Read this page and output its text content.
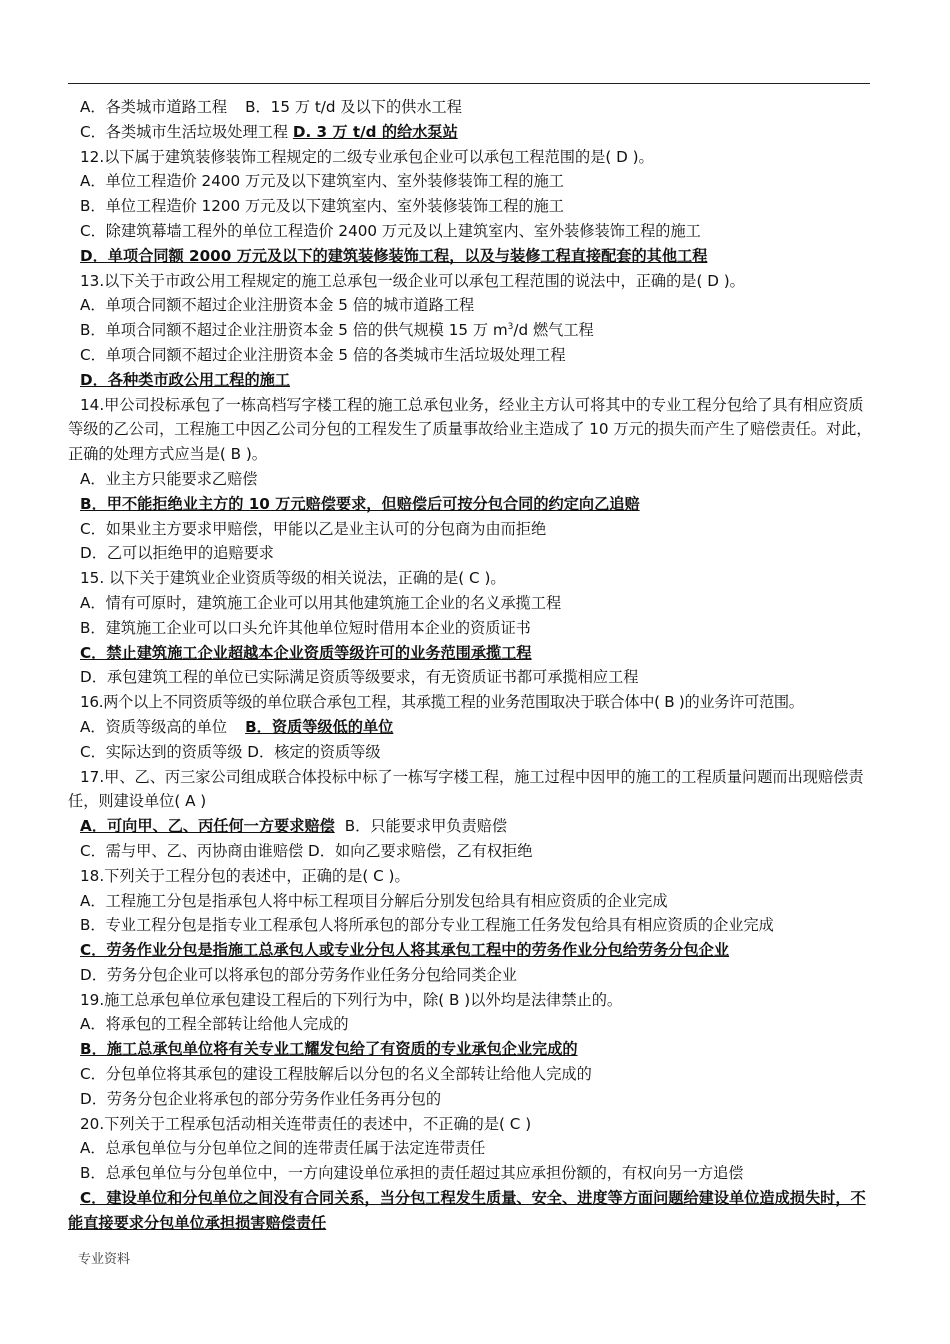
A．各类城市道路工程 B．15 万 t/d 及以下的供水工程
C．各类城市生活垃圾处理工程 D. 3 万 t/d 的给水泵站
12.以下属于建筑装修装饰工程规定的二级专业承包企业可以承包工程范围的是( D )。
A．单位工程造价 2400 万元及以下建筑室内、室外装修装饰工程的施工
B．单位工程造价 1200 万元及以下建筑室内、室外装修装饰工程的施工
C．除建筑幕墙工程外的单位工程造价 2400 万元及以上建筑室内、室外装修装饰工程的施工
D．单项合同额 2000 万元及以下的建筑装修装饰工程，以及与装修工程直接配套的其他工程
13.以下关于市政公用工程规定的施工总承包一级企业可以承包工程范围的说法中，正确的是( D )。
A．单项合同额不超过企业注册资本金 5 倍的城市道路工程
B．单项合同额不超过企业注册资本金 5 倍的供气规模 15 万 $m^3/d$ 燃气工程
C．单项合同额不超过企业注册资本金 5 倍的各类城市生活垃圾处理工程
D．各种类市政公用工程的施工
14.甲公司投标承包了一栋高档写字楼工程的施工总承包业务，经业主方认可将其中的专业工程分包给了具有相应资质等级的乙公司，工程施工中因乙公司分包的工程发生了质量事故给业主造成了 10 万元的损失而产生了赔偿责任。对此，正确的处理方式应当是( B )。
A．业主方只能要求乙赔偿
B．甲不能拒绝业主方的 10 万元赔偿要求，但赔偿后可按分包合同的约定向乙追赔
C．如果业主方要求甲赔偿，甲能以乙是业主认可的分包商为由而拒绝
D．乙可以拒绝甲的追赔要求
15. 以下关于建筑业企业资质等级的相关说法，正确的是( C )。
A．情有可原时，建筑施工企业可以用其他建筑施工企业的名义承揽工程
B．建筑施工企业可以口头允许其他单位短时借用本企业的资质证书
C．禁止建筑施工企业超越本企业资质等级许可的业务范围承揽工程
D．承包建筑工程的单位已实际满足资质等级要求，有无资质证书都可承揽相应工程
16.两个以上不同资质等级的单位联合承包工程，其承揽工程的业务范围取决于联合体中( B )的业务许可范围。
A．资质等级高的单位 B．资质等级低的单位
C．实际达到的资质等级 D．核定的资质等级
17.甲、乙、丙三家公司组成联合体投标中标了一栋写字楼工程，施工过程中因甲的施工的工程质量问题而出现赔偿责任，则建设单位( A )
A．可向甲、乙、丙任何一方要求赔偿 B．只能要求甲负责赔偿
C．需与甲、乙、丙协商由谁赔偿 D．如向乙要求赔偿，乙有权拒绝
18.下列关于工程分包的表述中，正确的是( C )。
A．工程施工分包是指承包人将中标工程项目分解后分别发包给具有相应资质的企业完成
B．专业工程分包是指专业工程承包人将所承包的部分专业工程施工任务发包给具有相应资质的企业完成
C．劳务作业分包是指施工总承包人或专业分包人将其承包工程中的劳务作业分包给劳务分包企业
D．劳务分包企业可以将承包的部分劳务作业任务分包给同类企业
19.施工总承包单位承包建设工程后的下列行为中，除( B )以外均是法律禁止的。
A．将承包的工程全部转让给他人完成的
B．施工总承包单位将有关专业工耀发包给了有资质的专业承包企业完成的
C．分包单位将其承包的建设工程肢解后以分包的名义全部转让给他人完成的
D．劳务分包企业将承包的部分劳务作业任务再分包的
20.下列关于工程承包活动相关连带责任的表述中，不正确的是( C )
A．总承包单位与分包单位之间的连带责任属于法定连带责任
B．总承包单位与分包单位中，一方向建设单位承担的责任超过其应承担份额的，有权向另一方追偿
C．建设单位和分包单位之间没有合同关系，当分包工程发生质量、安全、进度等方面问题给建设单位造成损失时，不能直接要求分包单位承担损害赔偿责任
专业资料
